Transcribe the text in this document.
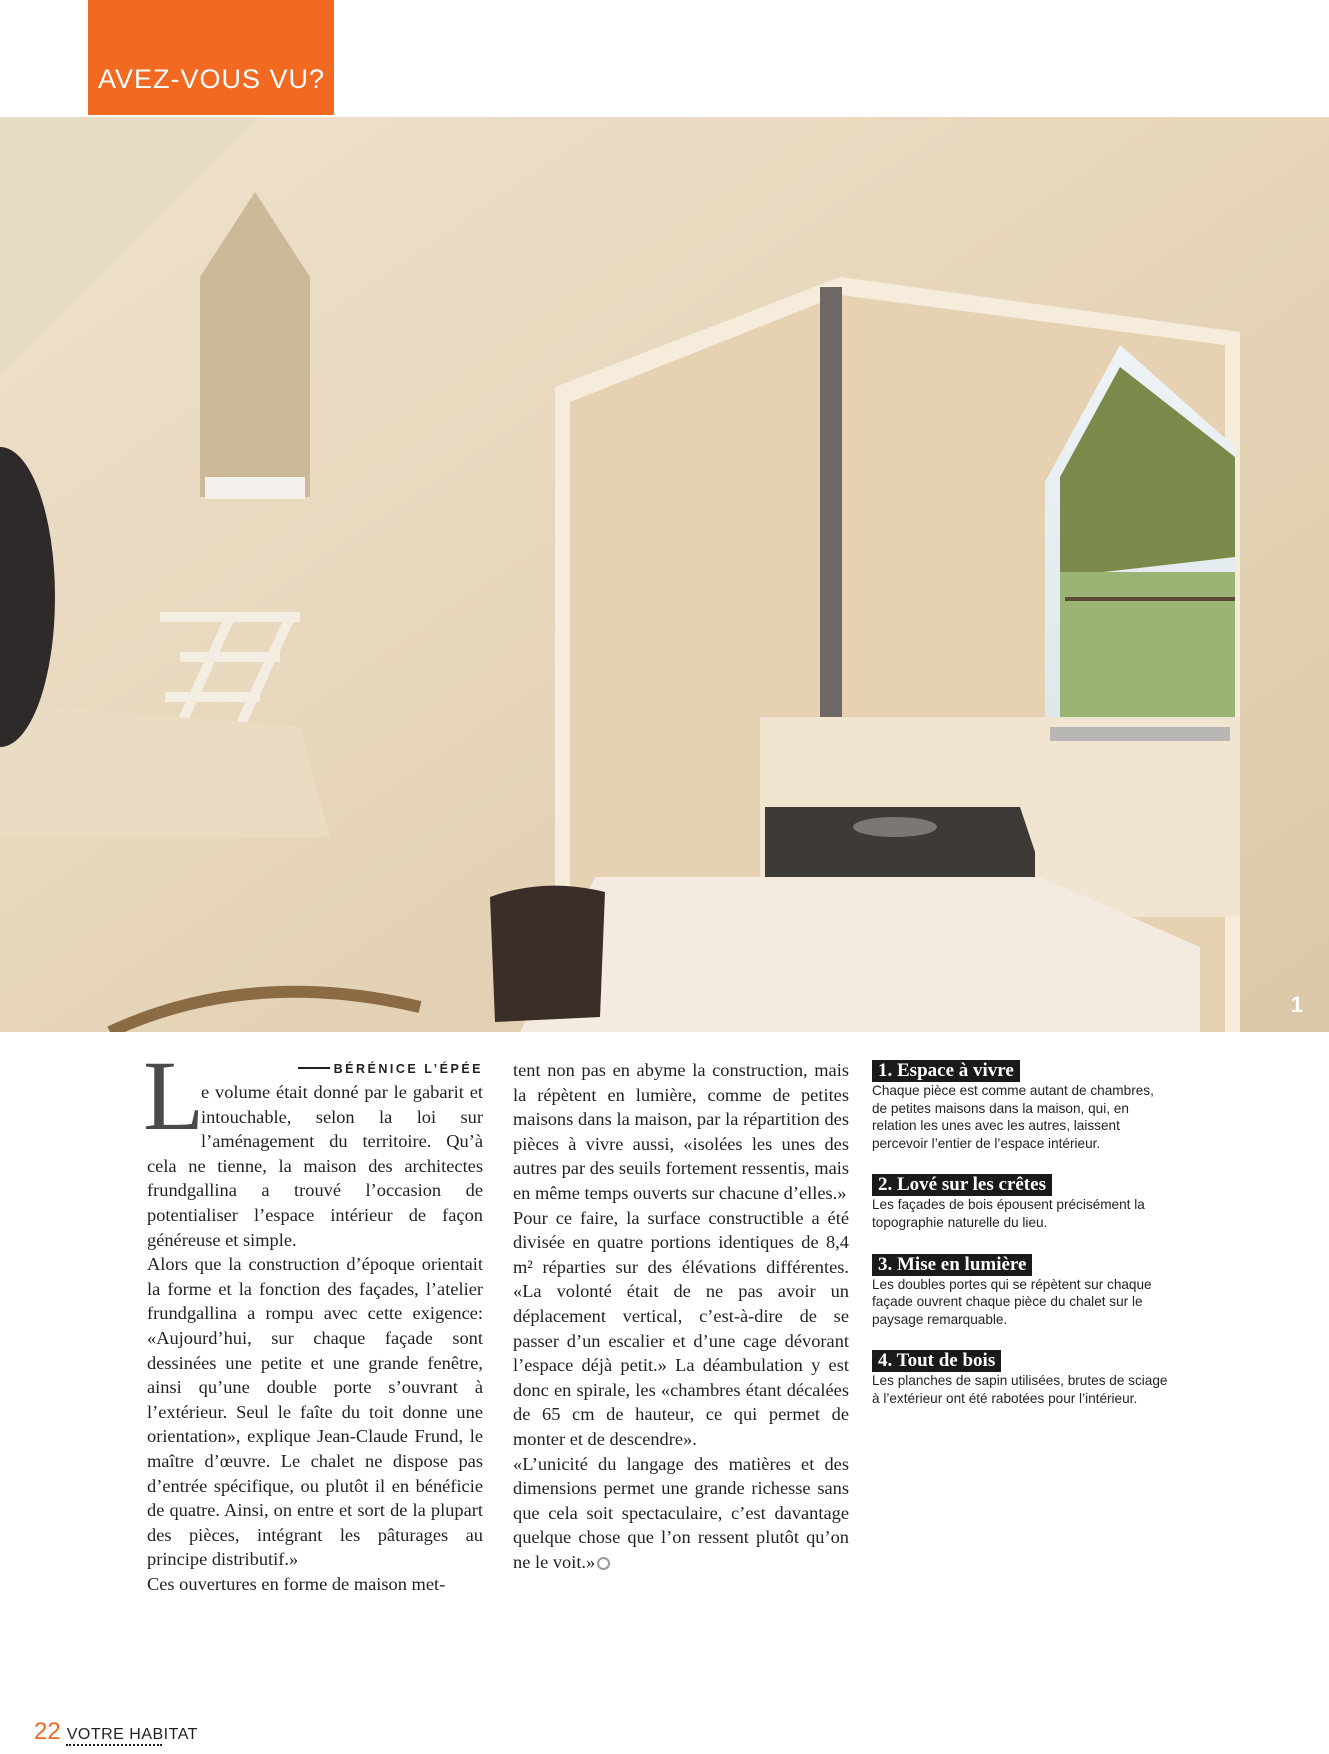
AVEZ-VOUS VU?
1
L	BÉRÉNICE L’ÉPÉE

e volume était donné par le gabarit et intouchable, selon la loi sur l’aménagement du territoire. Qu’à cela ne tienne, la maison des architectes frundgallina a trouvé l’occasion de potentialiser l’espace intérieur de façon généreuse et simple.

Alors que la construction d’époque orientait la forme et la fonction des façades, l’atelier frundgallina a rompu avec cette exigence: «Aujourd’hui, sur chaque façade sont dessinées une petite et une grande fenêtre, ainsi qu’une double porte s’ouvrant à l’extérieur. Seul le faîte du toit donne une orientation», explique Jean-Claude Frund, le maître d’œuvre. Le chalet ne dispose pas d’entrée spécifique, ou plutôt il en bénéficie de quatre. Ainsi, on entre et sort de la plupart des pièces, intégrant les pâturages au principe distributif.»

Ces ouvertures en forme de maison met-

tent non pas en abyme la construction, mais la répètent en lumière, comme de petites maisons dans la maison, par la répartition des pièces à vivre aussi, «isolées les unes des autres par des seuils fortement ressentis, mais en même temps ouverts sur chacune d’elles.»

Pour ce faire, la surface constructible a été divisée en quatre portions identiques de 8,4 m² réparties sur des élévations différentes. «La volonté était de ne pas avoir un déplacement vertical, c’est-à-dire de se passer d’un escalier et d’une cage dévorant l’espace déjà petit.» La déambulation y est donc en spirale, les «chambres étant décalées de 65 cm de hauteur, ce qui permet de monter et de descendre».

«L’unicité du langage des matières et des dimensions permet une grande richesse sans que cela soit spectaculaire, c’est davantage quelque chose que l’on ressent plutôt qu’on ne le voit.»

1. Espace à vivre

Chaque pièce est comme autant de chambres, de petites maisons dans la maison, qui, en relation les unes avec les autres, laissent percevoir l’entier de l’espace intérieur.

2. Lové sur les crêtes

Les façades de bois épousent précisément la topographie naturelle du lieu.

3. Mise en lumière

Les doubles portes qui se répètent sur chaque façade ouvrent chaque pièce du chalet sur le paysage remarquable.

4. Tout de bois

Les planches de sapin utilisées, brutes de sciage à l’extérieur ont été rabotées pour l’intérieur.

22 VOTRE HABITAT
